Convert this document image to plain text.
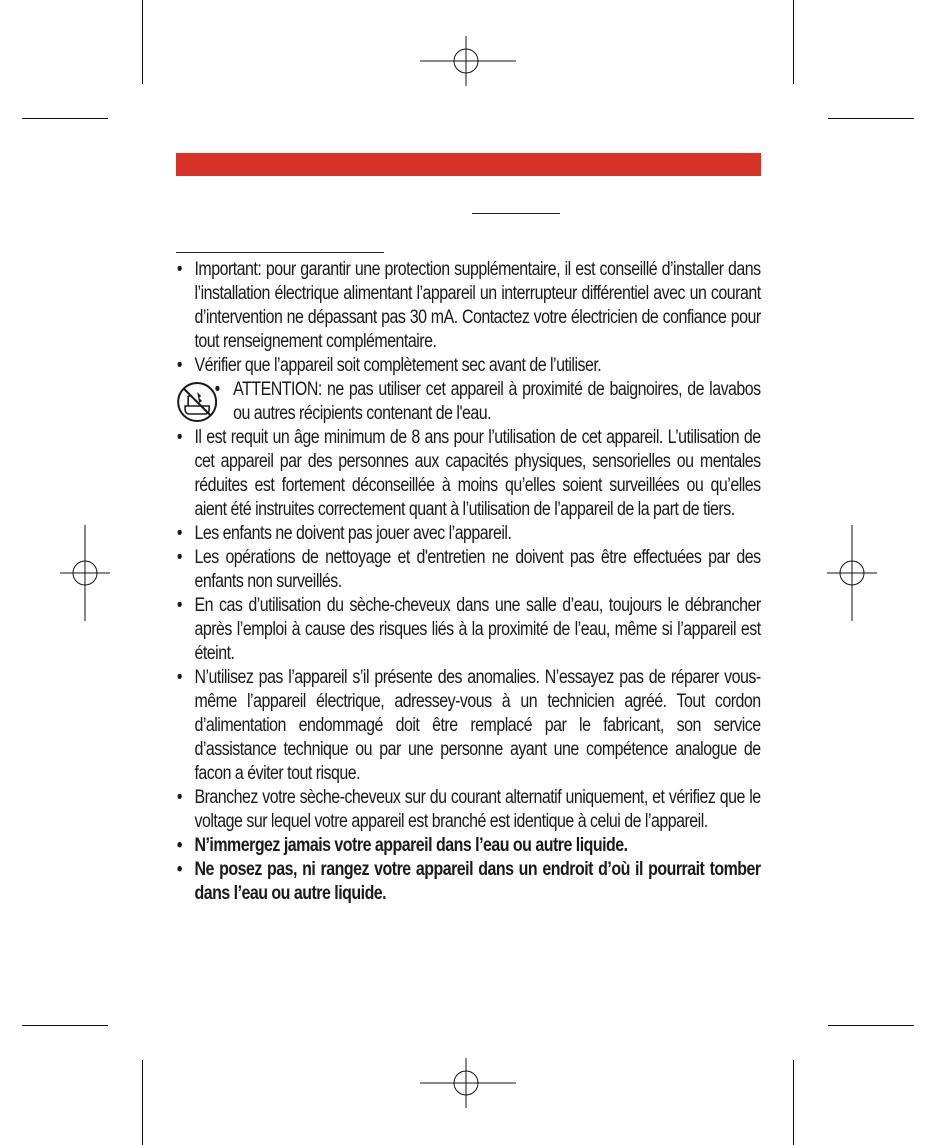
• Important: pour garantir une protection supplémentaire, il est conseillé d’installer dans l’installation électrique alimentant l’appareil un interrupteur différentiel avec un courant d’intervention ne dépassant pas 30 mA. Contactez votre électricien de confiance pour tout renseignement complémentaire.
• Vérifier que l’appareil soit complètement sec avant de l’utiliser.
• ATTENTION: ne pas utiliser cet appareil à proximité de baignoires, de lavabos ou autres récipients contenant de l'eau.
• Il est requit un âge minimum de 8 ans pour l’utilisation de cet appareil. L’utilisation de cet appareil par des personnes aux capacités physiques, sensorielles ou mentales réduites est fortement déconseillée à moins qu’elles soient surveillées ou qu’elles aient été instruites correctement quant à l’utilisation de l’appareil de la part de tiers.
• Les enfants ne doivent pas jouer avec l’appareil.
• Les opérations de nettoyage et d'entretien ne doivent pas être effectuées par des enfants non surveillés.
• En cas d’utilisation du sèche-cheveux dans une salle d’eau, toujours le débrancher après l’emploi à cause des risques liés à la proximité de l’eau, même si l’appareil est éteint.
• N’utilisez pas l’appareil s’il présente des anomalies. N’essayez pas de réparer vous-même l’appareil électrique, adressey-vous à un technicien agréé. Tout cordon d’alimentation endommagé doit être remplacé par le fabricant, son service d’assistance technique ou par une personne ayant une compétence analogue de facon a éviter tout risque.
• Branchez votre sèche-cheveux sur du courant alternatif uniquement, et vérifiez que le voltage sur lequel votre appareil est branché est identique à celui de l’appareil.
• N’immergez jamais votre appareil dans l’eau ou autre liquide.
• Ne posez pas, ni rangez votre appareil dans un endroit d’où il pourrait tomber dans l’eau ou autre liquide.
